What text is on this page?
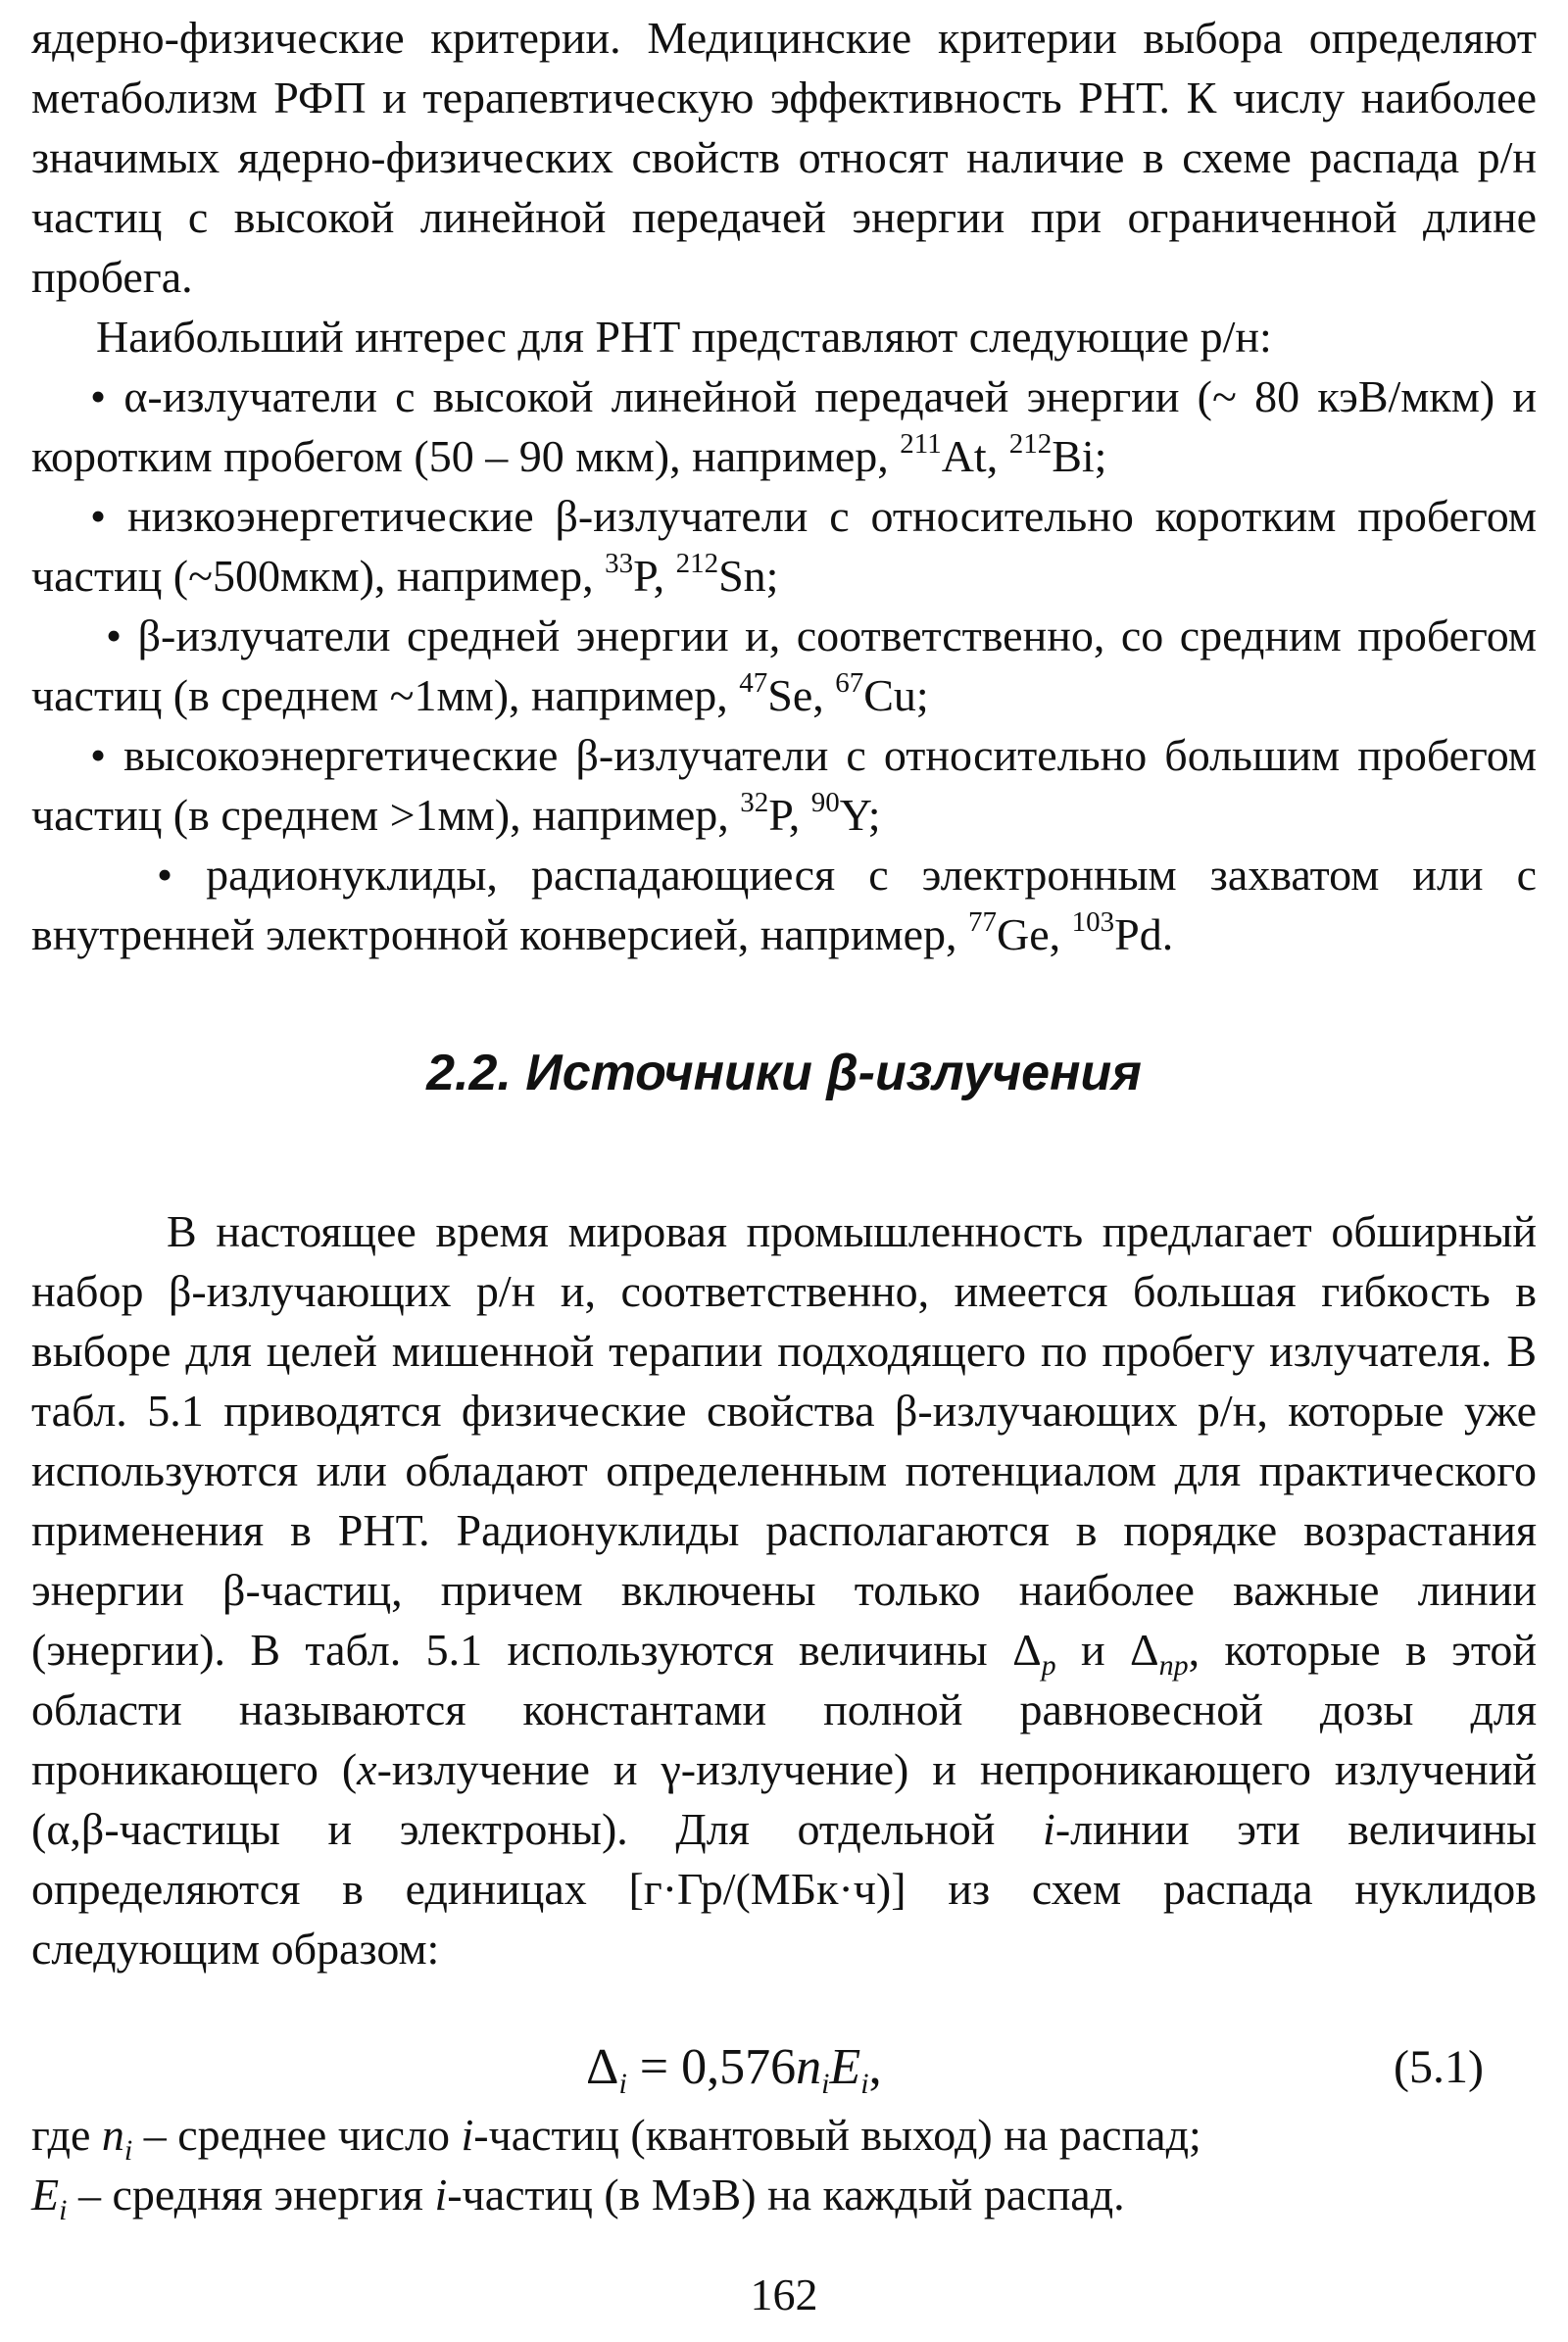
ядерно-физические критерии. Медицинские критерии выбора определяют метаболизм РФП и терапевтическую эффективность РНТ. К числу наиболее значимых ядерно-физических свойств относят наличие в схеме распада р/н частиц с высокой линейной передачей энергии при ограниченной длине пробега.

Наибольший интерес для РНТ представляют следующие р/н:

• α-излучатели с высокой линейной передачей энергии (~ 80 кэВ/мкм) и коротким пробегом (50 – 90 мкм), например, $^{211}$At, $^{212}$Bi;

• низкоэнергетические β-излучатели с относительно коротким пробегом частиц (~500мкм), например, $^{33}$P, $^{212}$Sn;

• β-излучатели средней энергии и, соответственно, со средним пробегом частиц (в среднем ~1мм), например, $^{47}$Se, $^{67}$Cu;

• высокоэнергетические β-излучатели с относительно большим пробегом частиц (в среднем >1мм), например, $^{32}$P, $^{90}$Y;

• радионуклиды, распадающиеся с электронным захватом или с внутренней электронной конверсией, например, $^{77}$Ge, $^{103}$Pd.

2.2. Источники β-излучения

В настоящее время мировая промышленность предлагает обширный набор β-излучающих р/н и, соответственно, имеется большая гибкость в выборе для целей мишенной терапии подходящего по пробегу излучателя. В табл. 5.1 приводятся физические свойства β-излучающих р/н, которые уже используются или обладают определенным потенциалом для практического применения в РНТ. Радионуклиды располагаются в порядке возрастания энергии β-частиц, причем включены только наиболее важные линии (энергии). В табл. 5.1 используются величины $\Delta_p$ и $\Delta_{np}$, которые в этой области называются константами полной равновесной дозы для проникающего (x-излучение и γ-излучение) и непроникающего излучений (α,β-частицы и электроны). Для отдельной i-линии эти величины определяются в единицах [г·Гр/(МБк·ч)] из схем распада нуклидов следующим образом:

$\Delta_i = 0,576n_iE_i$,	(5.1)

где $n_i$ – среднее число i-частиц (квантовый выход) на распад;

$E_i$ – средняя энергия i-частиц (в МэВ) на каждый распад.

162
